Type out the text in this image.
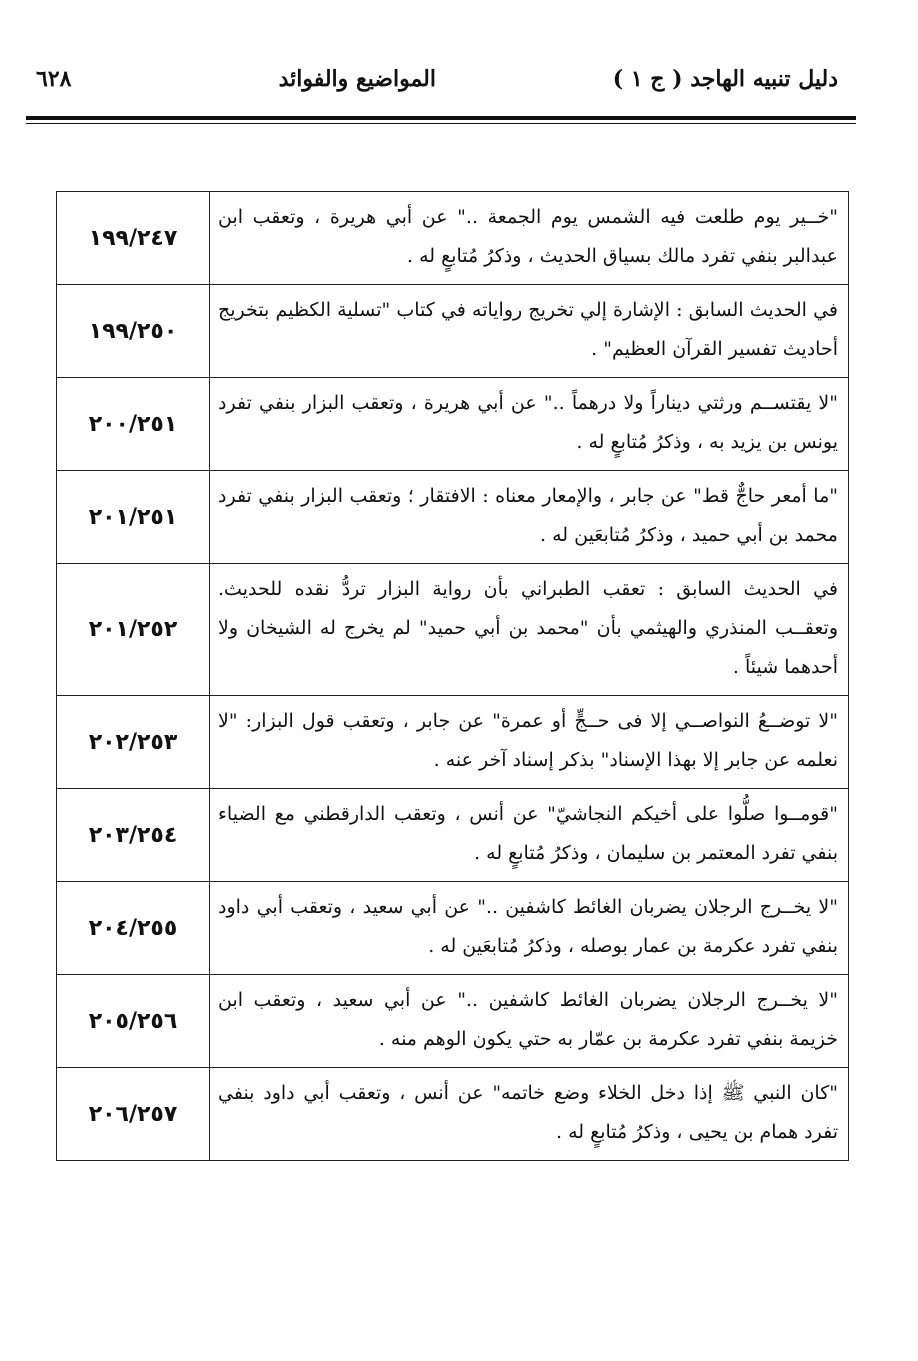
دليل تنبيه الهاجد ( ج ١ )
المواضيع والفوائد
٦٢٨
"خــير يوم طلعت فيه الشمس يوم الجمعة .." عن أبي هريرة ، وتعقب ابن عبدالبر بنفي تفرد مالك بسياق الحديث ، وذكرُ مُتابعٍ له .	١٩٩/٢٤٧
في الحديث السابق : الإشارة إلي تخريج رواياته في كتاب "تسلية الكظيم بتخريج أحاديث تفسير القرآن العظيم" .	١٩٩/٢٥٠
"لا يقتســم ورثتي ديناراً ولا درهماً .." عن أبي هريرة ، وتعقب البزار بنفي تفرد يونس بن يزيد به ، وذكرُ مُتابعٍ له .	٢٠٠/٢٥١
"ما أمعر حاجٌّ قط" عن جابر ، والإمعار معناه : الافتقار ؛ وتعقب البزار بنفي تفرد محمد بن أبي حميد ، وذكرُ مُتابعَين له .	٢٠١/٢٥١
في الحديث السابق : تعقب الطبراني بأن رواية البزار تردُّ نقده للحديث. وتعقــب المنذري والهيثمي بأن "محمد بن أبي حميد" لم يخرج له الشيخان ولا أحدهما شيئاً .	٢٠١/٢٥٢
"لا توضــعُ النواصــي إلا فى حــجٍّ أو عمرة" عن جابر ، وتعقب قول البزار: "لا نعلمه عن جابر إلا بهذا الإسناد" بذكر إسناد آخر عنه .	٢٠٢/٢٥٣
"قومــوا صلُّوا على أخيكم النجاشيّ" عن أنس ، وتعقب الدارقطني مع الضياء بنفي تفرد المعتمر بن سليمان ، وذكرُ مُتابعٍ له .	٢٠٣/٢٥٤
"لا يخــرج الرجلان يضربان الغائط كاشفين .." عن أبي سعيد ، وتعقب أبي داود بنفي تفرد عكرمة بن عمار بوصله ، وذكرُ مُتابعَين له .	٢٠٤/٢٥٥
"لا يخــرج الرجلان يضربان الغائط كاشفين .." عن أبي سعيد ، وتعقب ابن خزيمة بنفي تفرد عكرمة بن عمّار به حتي يكون الوهم منه .	٢٠٥/٢٥٦
"كان النبي ﷺ إذا دخل الخلاء وضع خاتمه" عن أنس ، وتعقب أبي داود بنفي تفرد همام بن يحيى ، وذكرُ مُتابعٍ له .	٢٠٦/٢٥٧
